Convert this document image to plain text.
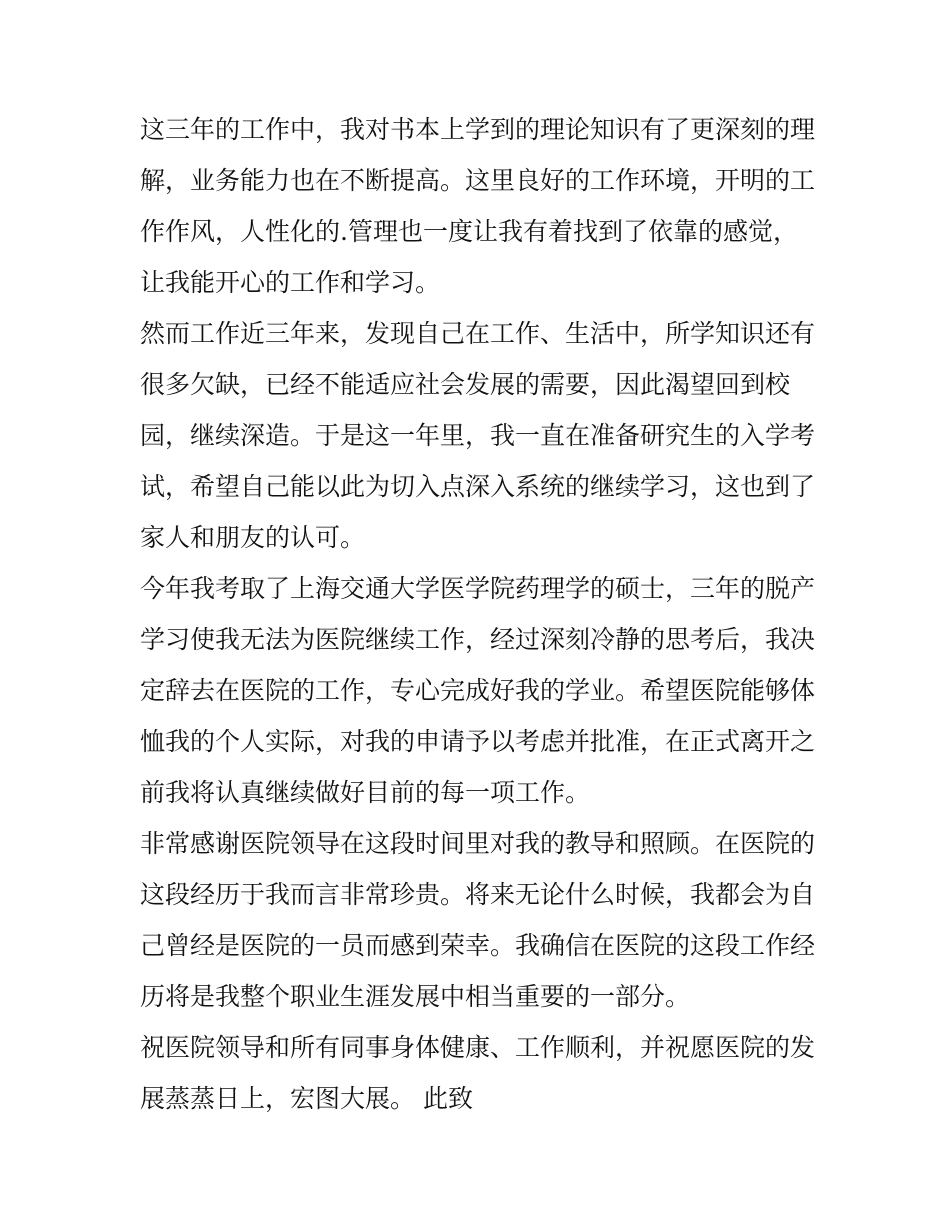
这三年的工作中，我对书本上学到的理论知识有了更深刻的理
解，业务能力也在不断提高。这里良好的工作环境，开明的工
作作风，人性化的.管理也一度让我有着找到了依靠的感觉，
让我能开心的工作和学习。
然而工作近三年来，发现自己在工作、生活中，所学知识还有
很多欠缺，已经不能适应社会发展的需要，因此渴望回到校
园，继续深造。于是这一年里，我一直在准备研究生的入学考
试，希望自己能以此为切入点深入系统的继续学习，这也到了
家人和朋友的认可。
今年我考取了上海交通大学医学院药理学的硕士，三年的脱产
学习使我无法为医院继续工作，经过深刻冷静的思考后，我决
定辞去在医院的工作，专心完成好我的学业。希望医院能够体
恤我的个人实际，对我的申请予以考虑并批准，在正式离开之
前我将认真继续做好目前的每一项工作。
非常感谢医院领导在这段时间里对我的教导和照顾。在医院的
这段经历于我而言非常珍贵。将来无论什么时候，我都会为自
己曾经是医院的一员而感到荣幸。我确信在医院的这段工作经
历将是我整个职业生涯发展中相当重要的一部分。
祝医院领导和所有同事身体健康、工作顺利，并祝愿医院的发
展蒸蒸日上，宏图大展。 此致
